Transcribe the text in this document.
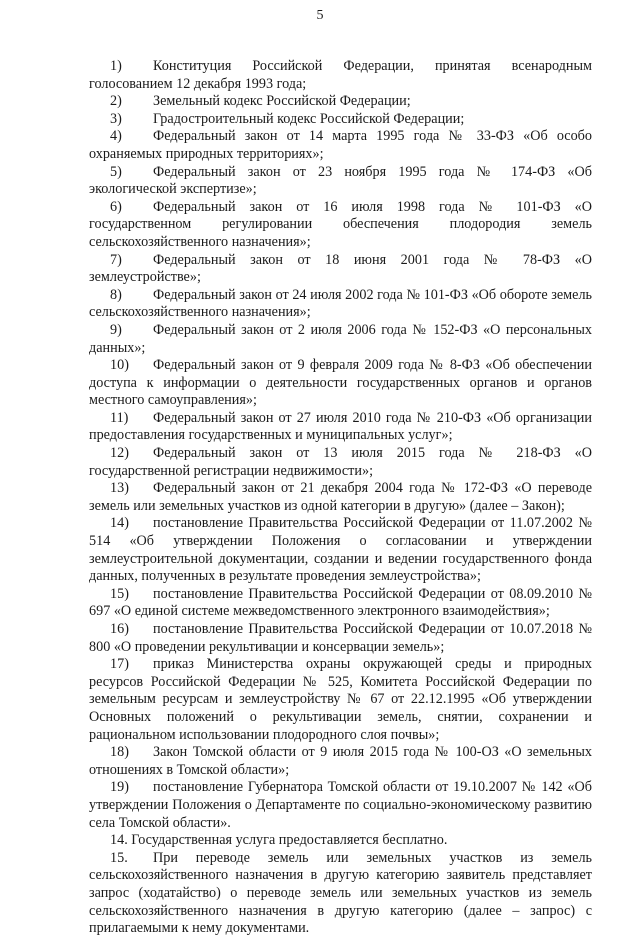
5

1) Конституция Российской Федерации, принятая всенародным голосованием 12 декабря 1993 года;

2) Земельный кодекс Российской Федерации;

3) Градостроительный кодекс Российской Федерации;

4) Федеральный закон от 14 марта 1995 года № 33-ФЗ «Об особо охраняемых природных территориях»;

5) Федеральный закон от 23 ноября 1995 года № 174-ФЗ «Об экологической экспертизе»;

6) Федеральный закон от 16 июля 1998 года № 101-ФЗ «О государственном регулировании обеспечения плодородия земель сельскохозяйственного назначения»;

7) Федеральный закон от 18 июня 2001 года № 78-ФЗ «О землеустройстве»;

8) Федеральный закон от 24 июля 2002 года № 101-ФЗ «Об обороте земель сельскохозяйственного назначения»;

9) Федеральный закон от 2 июля 2006 года № 152-ФЗ «О персональных данных»;

10) Федеральный закон от 9 февраля 2009 года № 8-ФЗ «Об обеспечении доступа к информации о деятельности государственных органов и органов местного самоуправления»;

11) Федеральный закон от 27 июля 2010 года № 210-ФЗ «Об организации предоставления государственных и муниципальных услуг»;

12) Федеральный закон от 13 июля 2015 года № 218-ФЗ «О государственной регистрации недвижимости»;

13) Федеральный закон от 21 декабря 2004 года № 172-ФЗ «О переводе земель или земельных участков из одной категории в другую» (далее – Закон);

14) постановление Правительства Российской Федерации от 11.07.2002 № 514 «Об утверждении Положения о согласовании и утверждении землеустроительной документации, создании и ведении государственного фонда данных, полученных в результате проведения землеустройства»;

15) постановление Правительства Российской Федерации от 08.09.2010 № 697 «О единой системе межведомственного электронного взаимодействия»;

16) постановление Правительства Российской Федерации от 10.07.2018 № 800 «О проведении рекультивации и консервации земель»;

17) приказ Министерства охраны окружающей среды и природных ресурсов Российской Федерации № 525, Комитета Российской Федерации по земельным ресурсам и землеустройству № 67 от 22.12.1995 «Об утверждении Основных положений о рекультивации земель, снятии, сохранении и рациональном использовании плодородного слоя почвы»;

18) Закон Томской области от 9 июля 2015 года № 100-ОЗ «О земельных отношениях в Томской области»;

19) постановление Губернатора Томской области от 19.10.2007 № 142 «Об утверждении Положения о Департаменте по социально-экономическому развитию села Томской области».

14. Государственная услуга предоставляется бесплатно.

15. При переводе земель или земельных участков из земель сельскохозяйственного назначения в другую категорию заявитель представляет запрос (ходатайство) о переводе земель или земельных участков из земель сельскохозяйственного назначения в другую категорию (далее – запрос) с прилагаемыми к нему документами.
